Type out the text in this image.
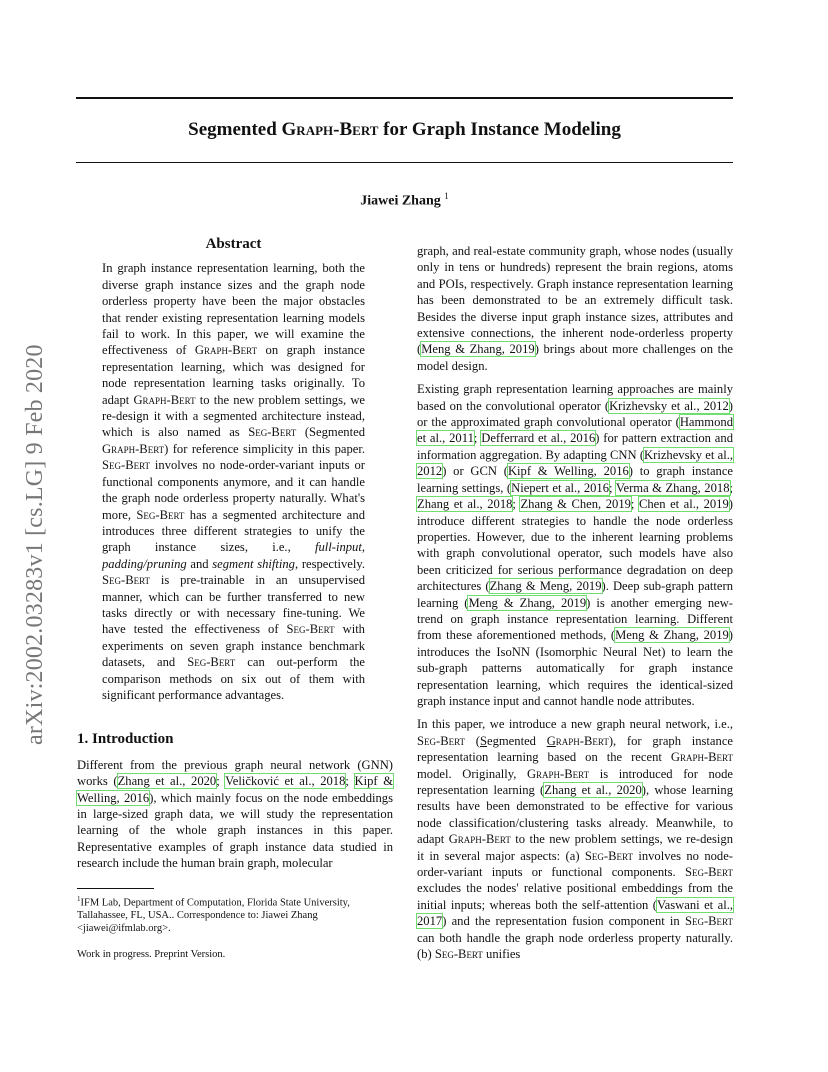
Segmented Graph-Bert for Graph Instance Modeling
Jiawei Zhang $^1$
arXiv:2002.03283v1 [cs.LG] 9 Feb 2020
Abstract

In graph instance representation learning, both the diverse graph instance sizes and the graph node orderless property have been the major obstacles that render existing representation learning models fail to work. In this paper, we will examine the effectiveness of Graph-Bert on graph instance representation learning, which was designed for node representation learning tasks originally. To adapt Graph-Bert to the new problem settings, we re-design it with a segmented architecture instead, which is also named as Seg-Bert (Segmented Graph-Bert) for reference simplicity in this paper. Seg-Bert involves no node-order-variant inputs or functional components anymore, and it can handle the graph node orderless property naturally. What's more, Seg-Bert has a segmented architecture and introduces three different strategies to unify the graph instance sizes, i.e., full-input, padding/pruning and segment shifting, respectively. Seg-Bert is pre-trainable in an unsupervised manner, which can be further transferred to new tasks directly or with necessary fine-tuning. We have tested the effectiveness of Seg-Bert with experiments on seven graph instance benchmark datasets, and Seg-Bert can out-perform the comparison methods on six out of them with significant performance advantages.

1. Introduction

Different from the previous graph neural network (GNN) works (Zhang et al., 2020; Veličković et al., 2018; Kipf & Welling, 2016), which mainly focus on the node embeddings in large-sized graph data, we will study the representation learning of the whole graph instances in this paper. Representative examples of graph instance data studied in research include the human brain graph, molecular

$^1$IFM Lab, Department of Computation, Florida State University, Tallahassee, FL, USA.. Correspondence to: Jiawei Zhang <jiawei@ifmlab.org>.
Work in progress. Preprint Version.

graph, and real-estate community graph, whose nodes (usually only in tens or hundreds) represent the brain regions, atoms and POIs, respectively. Graph instance representation learning has been demonstrated to be an extremely difficult task. Besides the diverse input graph instance sizes, attributes and extensive connections, the inherent node-orderless property (Meng & Zhang, 2019) brings about more challenges on the model design.

Existing graph representation learning approaches are mainly based on the convolutional operator (Krizhevsky et al., 2012) or the approximated graph convolutional operator (Hammond et al., 2011; Defferrard et al., 2016) for pattern extraction and information aggregation. By adapting CNN (Krizhevsky et al., 2012) or GCN (Kipf & Welling, 2016) to graph instance learning settings, (Niepert et al., 2016; Verma & Zhang, 2018; Zhang et al., 2018; Zhang & Chen, 2019; Chen et al., 2019) introduce different strategies to handle the node orderless properties. However, due to the inherent learning problems with graph convolutional operator, such models have also been criticized for serious performance degradation on deep architectures (Zhang & Meng, 2019). Deep sub-graph pattern learning (Meng & Zhang, 2019) is another emerging new-trend on graph instance representation learning. Different from these aforementioned methods, (Meng & Zhang, 2019) introduces the IsoNN (Isomorphic Neural Net) to learn the sub-graph patterns automatically for graph instance representation learning, which requires the identical-sized graph instance input and cannot handle node attributes.

In this paper, we introduce a new graph neural network, i.e., Seg-Bert (Segmented Graph-Bert), for graph instance representation learning based on the recent Graph-Bert model. Originally, Graph-Bert is introduced for node representation learning (Zhang et al., 2020), whose learning results have been demonstrated to be effective for various node classification/clustering tasks already. Meanwhile, to adapt Graph-Bert to the new problem settings, we re-design it in several major aspects: (a) Seg-Bert involves no node-order-variant inputs or functional components. Seg-Bert excludes the nodes' relative positional embeddings from the initial inputs; whereas both the self-attention (Vaswani et al., 2017) and the representation fusion component in Seg-Bert can both handle the graph node orderless property naturally. (b) Seg-Bert unifies
